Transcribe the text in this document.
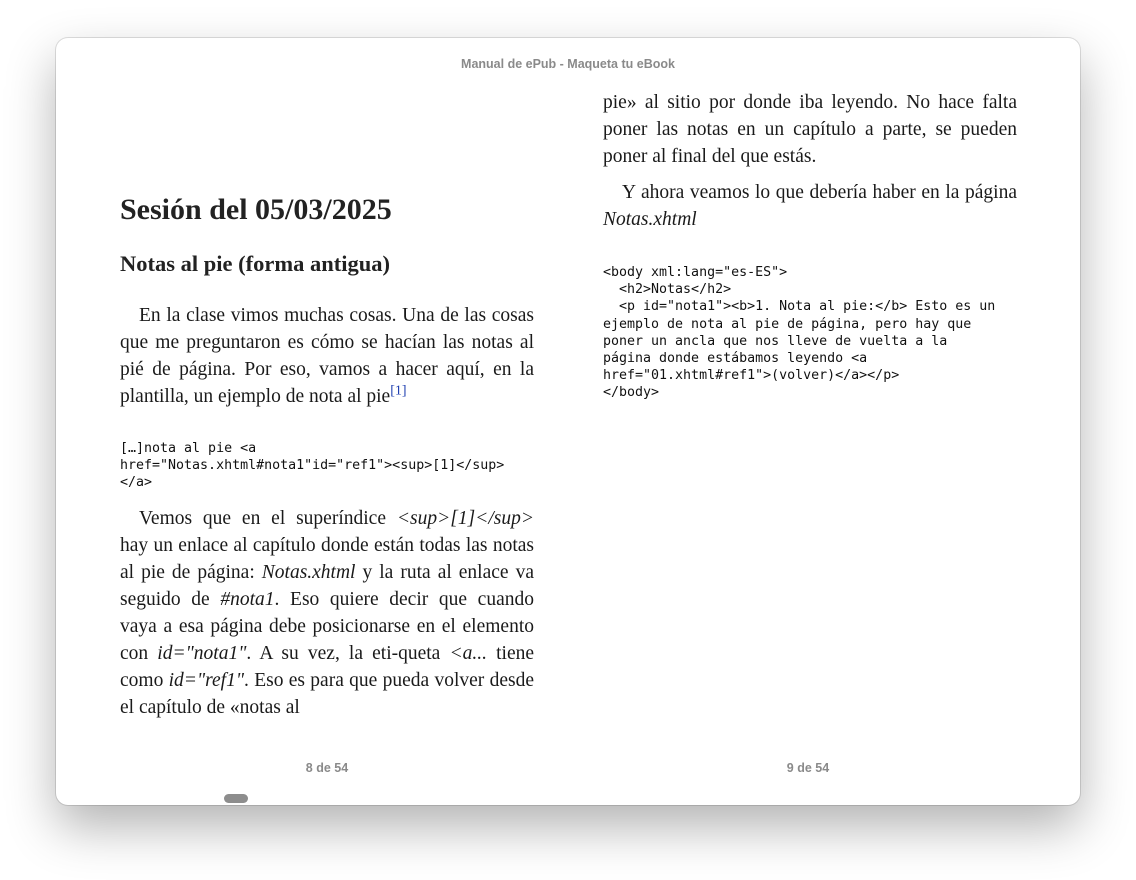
Manual de ePub - Maqueta tu eBook
Sesión del 05/03/2025
Notas al pie (forma antigua)

En la clase vimos muchas cosas. Una de las cosas que me preguntaron es cómo se hacían las notas al pié de página. Por eso, vamos a hacer aquí, en la plantilla, un ejemplo de nota al pie[1]

[…]nota al pie <a
href="Notas.xhtml#nota1"id="ref1"><sup>[1]</sup>
</a>

Vemos que en el superíndice <sup>[1]</sup> hay un enlace al capítulo donde están todas las notas al pie de página: Notas.xhtml y la ruta al enlace va seguido de #nota1. Eso quiere decir que cuando vaya a esa página debe posicionarse en el elemento con id="nota1". A su vez, la eti-queta <a... tiene como id="ref1". Eso es para que pueda volver desde el capítulo de «notas al

pie» al sitio por donde iba leyendo. No hace falta poner las notas en un capítulo a parte, se pueden poner al final del que estás.

Y ahora veamos lo que debería haber en la página Notas.xhtml

<body xml:lang="es-ES">
<h2>Notas</h2>
<p id="nota1"><b>1. Nota al pie:</b> Esto es un
ejemplo de nota al pie de página, pero hay que
poner un ancla que nos lleve de vuelta a la
página donde estábamos leyendo <a
href="01.xhtml#ref1">(volver)</a></p>
</body>
8 de 54	9 de 54
